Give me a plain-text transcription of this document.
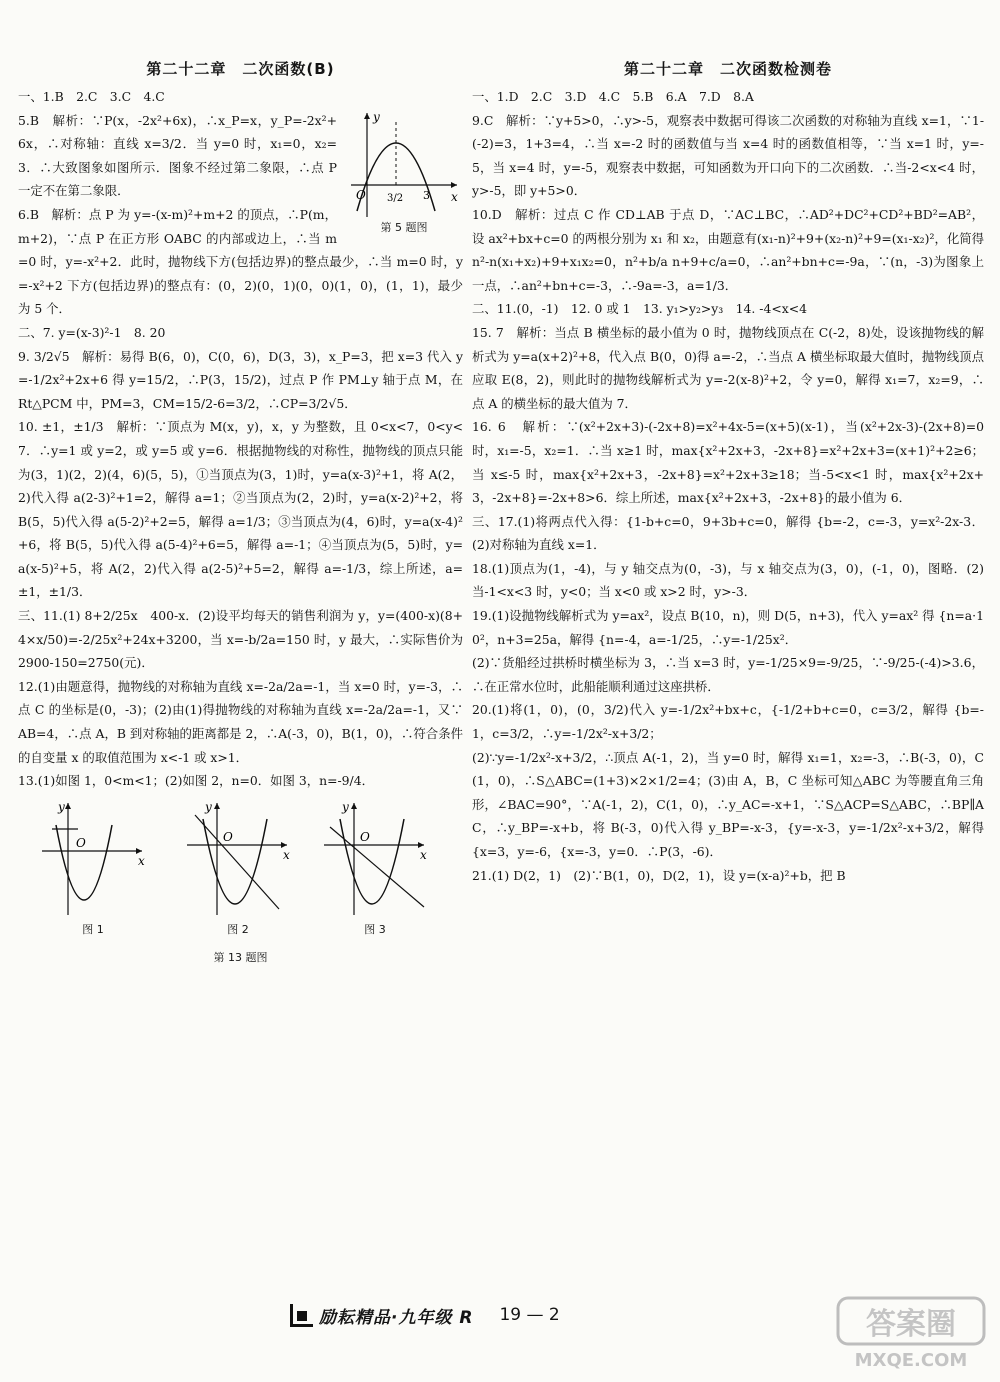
第二十二章　二次函数(B)

一、1.B　2.C　3.C　4.C

y
x
O 3/2 3
第 5 题图

5.B　解析：∵P(x，-2x²+6x)，∴x_P=x，y_P=-2x²+6x，∴对称轴：直线 x=3/2．当 y=0 时，x₁=0，x₂=3．∴大致图象如图所示．图象不经过第二象限，∴点 P 一定不在第二象限．

6.B　解析：点 P 为 y=-(x-m)²+m+2 的顶点，∴P(m，m+2)，∵点 P 在正方形 OABC 的内部或边上，∴当 m=0 时，y=-x²+2．此时，抛物线下方(包括边界)的整点最少，∴当 m=0 时，y=-x²+2 下方(包括边界)的整点有：(0，2)(0，1)(0，0)(1，0)，(1，1)，最少为 5 个．

二、7. y=(x-3)²-1　8. 20

9. 3/2√5　解析：易得 B(6，0)，C(0，6)，D(3，3)，x_P=3，把 x=3 代入 y=-1/2x²+2x+6 得 y=15/2，∴P(3，15/2)，过点 P 作 PM⊥y 轴于点 M，在 Rt△PCM 中，PM=3，CM=15/2-6=3/2，∴CP=3/2√5．

10. ±1，±1/3　解析：∵顶点为 M(x，y)，x，y 为整数，且 0<x<7，0<y<7．∴y=1 或 y=2，或 y=5 或 y=6．根据抛物线的对称性，抛物线的顶点只能为(3，1)(2，2)(4，6)(5，5)，①当顶点为(3，1)时，y=a(x-3)²+1，将 A(2，2)代入得 a(2-3)²+1=2，解得 a=1；②当顶点为(2，2)时，y=a(x-2)²+2，将 B(5，5)代入得 a(5-2)²+2=5，解得 a=1/3；③当顶点为(4，6)时，y=a(x-4)²+6，将 B(5，5)代入得 a(5-4)²+6=5，解得 a=-1；④当顶点为(5，5)时，y=a(x-5)²+5，将 A(2，2)代入得 a(2-5)²+5=2，解得 a=-1/3，综上所述，a=±1，±1/3．

三、11.(1) 8+2/25x　400-x．(2)设平均每天的销售利润为 y，y=(400-x)(8+4×x/50)=-2/25x²+24x+3200，当 x=-b/2a=150 时，y 最大，∴实际售价为 2900-150=2750(元)．

12.(1)由题意得，抛物线的对称轴为直线 x=-2a/2a=-1，当 x=0 时，y=-3，∴点 C 的坐标是(0，-3)；(2)由(1)得抛物线的对称轴为直线 x=-2a/2a=-1，又∵AB=4，∴点 A，B 到对称轴的距离都是 2，∴A(-3，0)，B(1，0)，∴符合条件的自变量 x 的取值范围为 x<-1 或 x>1．

13.(1)如图 1，0<m<1；(2)如图 2，n=0．如图 3，n=-9/4．

y
x
O
图 1
y
x
O
图 2
y
x
O
图 3
第 13 题图
第二十二章　二次函数检测卷

一、1.D　2.C　3.D　4.C　5.B　6.A　7.D　8.A

9.C　解析：∵y+5>0，∴y>-5，观察表中数据可得该二次函数的对称轴为直线 x=1，∵1-(-2)=3，1+3=4，∴当 x=-2 时的函数值与当 x=4 时的函数值相等，∵当 x=1 时，y=-5，当 x=4 时，y=-5，观察表中数据，可知函数为开口向下的二次函数．∴当-2<x<4 时，y>-5，即 y+5>0．

10.D　解析：过点 C 作 CD⊥AB 于点 D，∵AC⊥BC，∴AD²+DC²+CD²+BD²=AB²，设 ax²+bx+c=0 的两根分别为 x₁ 和 x₂，由题意有(x₁-n)²+9+(x₂-n)²+9=(x₁-x₂)²，化简得 n²-n(x₁+x₂)+9+x₁x₂=0，n²+b/a n+9+c/a=0，∴an²+bn+c=-9a，∵(n，-3)为图象上一点，∴an²+bn+c=-3，∴-9a=-3，a=1/3．

二、11.(0，-1)　12. 0 或 1　13. y₁>y₂>y₃　14. -4<x<4

15. 7　解析：当点 B 横坐标的最小值为 0 时，抛物线顶点在 C(-2，8)处，设该抛物线的解析式为 y=a(x+2)²+8，代入点 B(0，0)得 a=-2，∴当点 A 横坐标取最大值时，抛物线顶点应取 E(8，2)，则此时的抛物线解析式为 y=-2(x-8)²+2，令 y=0，解得 x₁=7，x₂=9，∴点 A 的横坐标的最大值为 7．

16. 6　解析：∵(x²+2x+3)-(-2x+8)=x²+4x-5=(x+5)(x-1)，当(x²+2x-3)-(2x+8)=0 时，x₁=-5，x₂=1．∴当 x≥1 时，max{x²+2x+3，-2x+8}=x²+2x+3=(x+1)²+2≥6；当 x≤-5 时，max{x²+2x+3，-2x+8}=x²+2x+3≥18；当-5<x<1 时，max{x²+2x+3，-2x+8}=-2x+8>6．综上所述，max{x²+2x+3，-2x+8}的最小值为 6．

三、17.(1)将两点代入得：{1-b+c=0，9+3b+c=0，解得 {b=-2，c=-3，y=x²-2x-3．(2)对称轴为直线 x=1．

18.(1)顶点为(1，-4)，与 y 轴交点为(0，-3)，与 x 轴交点为(3，0)，(-1，0)，图略．(2)当-1<x<3 时，y<0；当 x<0 或 x>2 时，y>-3．

19.(1)设抛物线解析式为 y=ax²，设点 B(10，n)，则 D(5，n+3)，代入 y=ax² 得 {n=a·10²，n+3=25a，解得 {n=-4，a=-1/25，∴y=-1/25x²．

(2)∵货船经过拱桥时横坐标为 3，∴当 x=3 时，y=-1/25×9=-9/25，∵-9/25-(-4)>3.6，∴在正常水位时，此船能顺利通过这座拱桥．

20.(1)将(1，0)，(0，3/2)代入 y=-1/2x²+bx+c，{-1/2+b+c=0，c=3/2，解得 {b=-1，c=3/2，∴y=-1/2x²-x+3/2；

(2)∵y=-1/2x²-x+3/2，∴顶点 A(-1，2)，当 y=0 时，解得 x₁=1，x₂=-3，∴B(-3，0)，C(1，0)，∴S△ABC=(1+3)×2×1/2=4；(3)由 A，B，C 坐标可知△ABC 为等腰直角三角形，∠BAC=90°，∵A(-1，2)，C(1，0)，∴y_AC=-x+1，∵S△ACP=S△ABC，∴BP∥AC，∴y_BP=-x+b，将 B(-3，0)代入得 y_BP=-x-3，{y=-x-3，y=-1/2x²-x+3/2，解得 {x=3，y=-6，{x=-3，y=0．∴P(3，-6)．

21.(1) D(2，1)　(2)∵B(1，0)，D(2，1)，设 y=(x-a)²+b，把 B

励耘精品·九年级 R 19 — 2	答案圈
MXQE.COM
